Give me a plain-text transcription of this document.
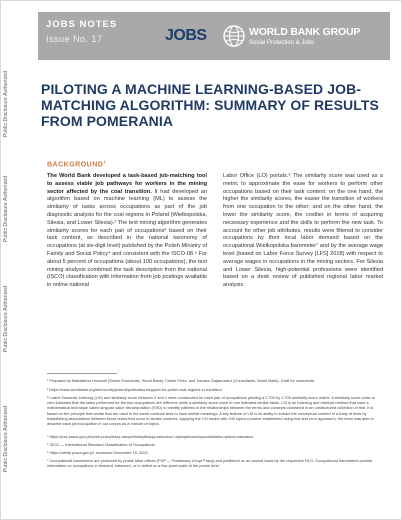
Public Disclosure Authorized
Public Disclosure Authorized
Public Disclosure Authorized
Public Disclosure Authorized
JOBS NOTES
Issue No. 17	JOBS	WORLD BANK GROUP
Social Protection & Jobs
PILOTING A MACHINE LEARNING-BASED JOB-MATCHING ALGORITHM: SUMMARY OF RESULTS FROM POMERANIA
BACKGROUND$^1$
The World Bank developed a task-based job-matching tool to assess viable job pathways for workers in the mining sector affected by the coal transition. It had developed an algorithm based on machine learning (ML) to assess the similarity of tasks across occupations as part of the job diagnostic analysis for the coal regions in Poland (Wielkopolska, Silesia, and Lower Silesia).² The text mining algorithm generates similarity scores for each pair of occupations³ based on their task content, as described in the national taxonomy of occupations (at six-digit level) published by the Polish Ministry of Family and Social Policy⁴ and consistent with the ISCO-08.⁵ For about 5 percent of occupations (about 100 occupations), the text mining analysis combined the task description from the national (ISCO) classification with information from job postings available in online national
Labor Office (LO) portals.⁶ The similarity score was used as a metric to approximate the ease for workers to perform other occupations based on their task content: on the one hand, the higher the similarity scores, the easier the transition of workers from one occupation to the other; and on the other hand, the lower the similarity score, the costlier in terms of acquiring necessary experience and the skills to perform the new task. To account for other job attributes, results were filtered to consider occupations by their local labor demand based on the occupational Wielkopolska barometer⁷ and by the average wage level (based on Labor Force Survey [LFS] 2018) with respect to average wages in occupations in the mining sectors. For Silesia and Lower Silesia, high-potential professions were identified based on a desk review of published regional labor market analysis.
¹ Prepared by Maddalena Honorati (Senior Economist, World Bank), Céline Ferré, and Tomasz Gajderowicz (Consultants, World Bank). Draft for comments.
² https://www.worldbank.org/en/country/poland/publication/support-for-polish-coal-regions-in-transition
³ Latent Semantic Indexing (LSI) and similarity score between 0 and 1 were constructed for each pair of occupations yielding a 2,700 by 2,700 similarity score matrix. A similarity score close to zero indicates that the tasks performed for the two occupations are different, while a similarity score close to one indicates similar tasks. LSI is an indexing and retrieval method that uses a mathematical technique called singular value decomposition (SVD) to identify patterns in the relationships between the terms and concepts contained in an unstructured collection of text. It is based on the principle that words that are used in the same contexts tend to have similar meanings. A key feature of LSI is its ability to extract the conceptual content of a body of texts by establishing associations between those terms that occur in similar contexts. Applying the LSI model with 100 topics (number established using trial and error approach), the team was able to describe each job/occupation in our corpus as a mixture of topics.
⁴ https://psz.praca.gov.pl/rynek-pracy/bazy-danych/klasyfikacja-zawodow-i-specjalnosci/wyszukiwarka-opisow-zawodow
⁵ ISCO — International Standard Classification of Occupations.
⁶ https://oferty.praca.gov.pl/, accessed December 15, 2022.
⁷ Occupational barometers are produced by poviat labor offices (PUP — Powiatowy Urząd Pracy) and published on an annual basis by the respective RLO. Occupational barometers provide information on occupations in demand, balanced, or in deficit on a five-point scale at the poviat level.
